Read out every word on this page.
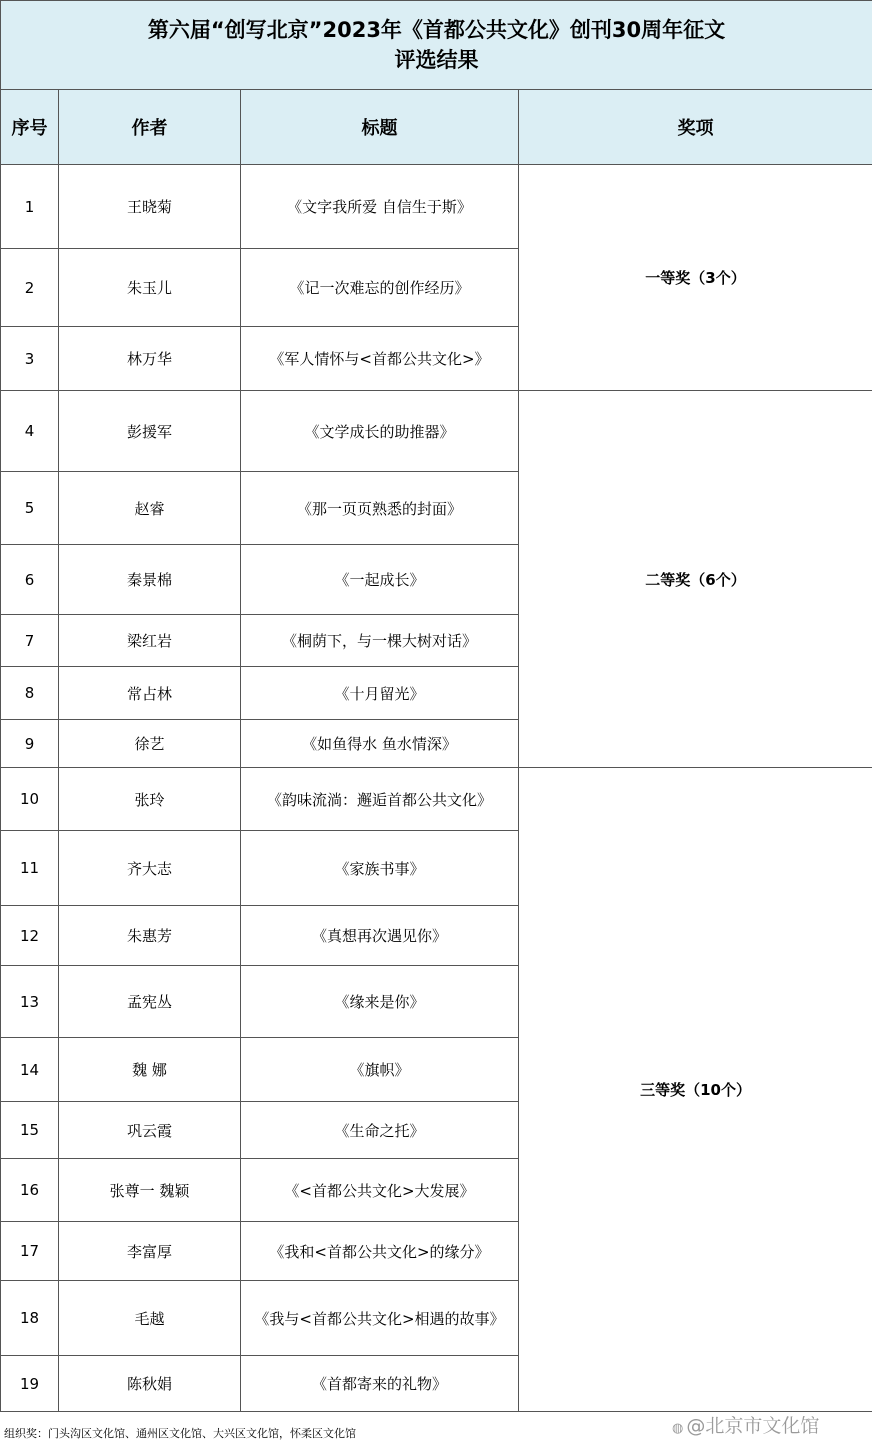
第六届“创写北京”2023年《首都公共文化》创刊30周年征文
评选结果			

序号	作者	标题	奖项
1	王晓菊	《文字我所爱 自信生于斯》	一等奖（3个）
2	朱玉儿	《记一次难忘的创作经历》	
3	林万华	《军人情怀与<首都公共文化>》	
4	彭援军	《文学成长的助推器》	二等奖（6个）
5	赵睿	《那一页页熟悉的封面》	
6	秦景棉	《一起成长》	
7	梁红岩	《桐荫下，与一棵大树对话》	
8	常占林	《十月留光》	
9	徐艺	《如鱼得水 鱼水情深》	
10	张玲	《韵味流淌：邂逅首都公共文化》	三等奖（10个）
11	齐大志	《家族书事》	
12	朱惠芳	《真想再次遇见你》	
13	孟宪丛	《缘来是你》	
14	魏 娜	《旗帜》	
15	巩云霞	《生命之托》	
16	张尊一 魏颖	《<首都公共文化>大发展》	
17	李富厚	《我和<首都公共文化>的缘分》	
18	毛越	《我与<首都公共文化>相遇的故事》	
19	陈秋娟	《首都寄来的礼物》	
组织奖：门头沟区文化馆、通州区文化馆、大兴区文化馆，怀柔区文化馆	◍ @北京市文化馆
